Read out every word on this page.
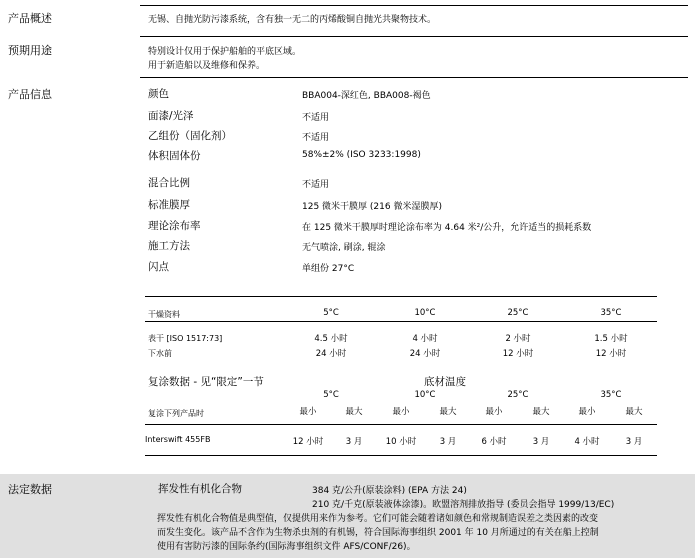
产品概述	无锡、自抛光防污漆系统，含有独一无二的丙烯酸铜自抛光共聚物技术。
预期用途	特别设计仅用于保护船舶的平底区域。
用于新造船以及维修和保养。
产品信息	颜色	BBA004-深红色, BBA008-褐色
面漆/光泽	不适用
乙组份（固化剂）	不适用
体积固体份	58%±2% (ISO 3233:1998)
混合比例	不适用
标准膜厚	125 微米干膜厚 (216 微米湿膜厚)
理论涂布率	在 125 微米干膜厚时理论涂布率为 4.64 米²/公升，允许适当的损耗系数
施工方法	无气喷涂, 刷涂, 辊涂
闪点	单组份 27°C
干燥资料	5°C	10°C	25°C	35°C
表干 [ISO 1517:73]	4.5 小时	4 小时	2 小时	1.5 小时
下水前	24 小时	24 小时	12 小时	12 小时
复涂数据 - 见“限定”一节	底材温度
5°C	10°C	25°C	35°C
复涂下列产品时	最小	最大	最小	最大	最小	最大	最小	最大
Interswift 455FB	12 小时	3 月	10 小时	3 月	6 小时	3 月	4 小时	3 月
法定数据	挥发性有机化合物	384 克/公升(原装涂料) (EPA 方法 24)
210 克/千克(原装液体涂漆)。欧盟溶剂排放指导 (委员会指导 1999/13/EC)
挥发性有机化合物值是典型值，仅提供用来作为参考。它们可能会随着诸如颜色和常规制造误差之类因素的改变
而发生变化。该产品不含作为生物杀虫剂的有机锡，符合国际海事组织 2001 年 10 月所通过的有关在船上控制
使用有害防污漆的国际条约(国际海事组织文件 AFS/CONF/26)。
